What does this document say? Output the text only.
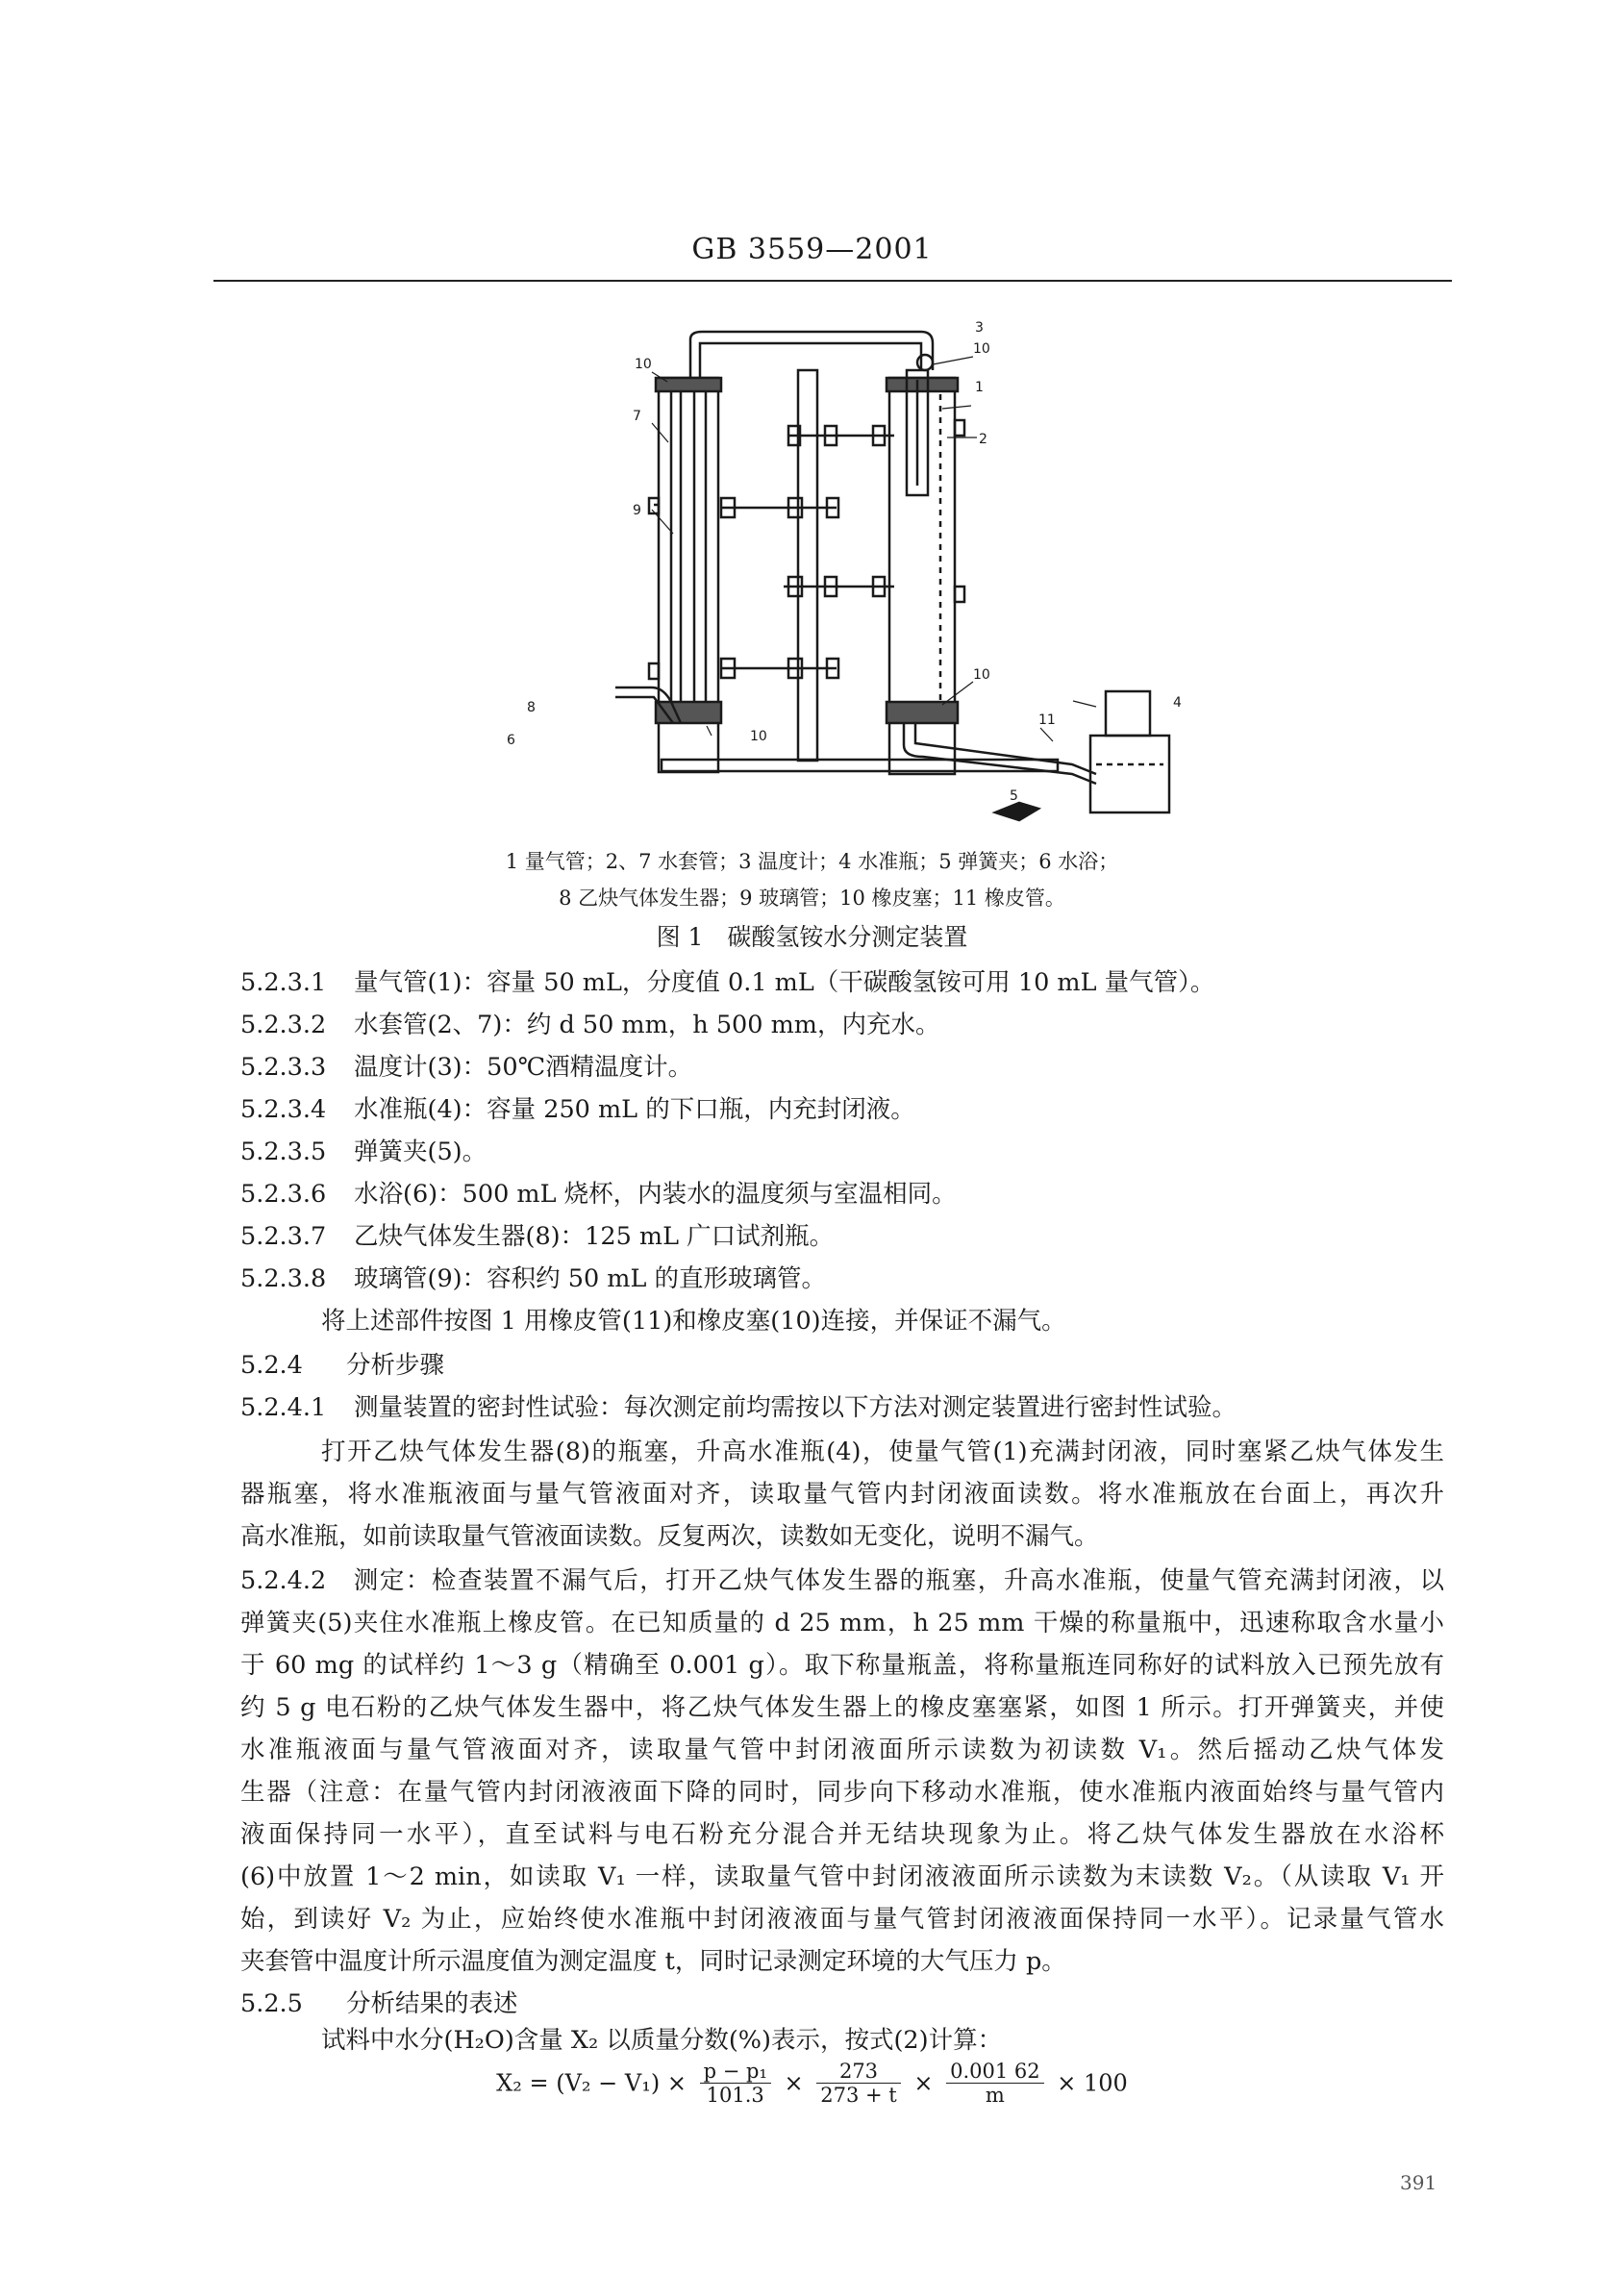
GB 3559—2001
10
7
9
3
10
1
2
10
11
4
5
10
8
6
1 量气管；2、7 水套管；3 温度计；4 水准瓶；5 弹簧夹；6 水浴；
8 乙炔气体发生器；9 玻璃管；10 橡皮塞；11 橡皮管。
图 1　碳酸氢铵水分测定装置
5.2.3.1 量气管(1)：容量 50 mL，分度值 0.1 mL（干碳酸氢铵可用 10 mL 量气管）。
5.2.3.2 水套管(2、7)：约 d 50 mm，h 500 mm，内充水。
5.2.3.3 温度计(3)：50℃酒精温度计。
5.2.3.4 水准瓶(4)：容量 250 mL 的下口瓶，内充封闭液。
5.2.3.5 弹簧夹(5)。
5.2.3.6 水浴(6)：500 mL 烧杯，内装水的温度须与室温相同。
5.2.3.7 乙炔气体发生器(8)：125 mL 广口试剂瓶。
5.2.3.8 玻璃管(9)：容积约 50 mL 的直形玻璃管。
将上述部件按图 1 用橡皮管(11)和橡皮塞(10)连接，并保证不漏气。
5.2.4 分析步骤
5.2.4.1 测量装置的密封性试验：每次测定前均需按以下方法对测定装置进行密封性试验。
打开乙炔气体发生器(8)的瓶塞，升高水准瓶(4)，使量气管(1)充满封闭液，同时塞紧乙炔气体发生
器瓶塞，将水准瓶液面与量气管液面对齐，读取量气管内封闭液面读数。将水准瓶放在台面上，再次升
高水准瓶，如前读取量气管液面读数。反复两次，读数如无变化，说明不漏气。
5.2.4.2　测定：检查装置不漏气后，打开乙炔气体发生器的瓶塞，升高水准瓶，使量气管充满封闭液，以
弹簧夹(5)夹住水准瓶上橡皮管。在已知质量的 d 25 mm，h 25 mm 干燥的称量瓶中，迅速称取含水量小
于 60 mg 的试样约 1～3 g（精确至 0.001 g）。取下称量瓶盖，将称量瓶连同称好的试料放入已预先放有
约 5 g 电石粉的乙炔气体发生器中，将乙炔气体发生器上的橡皮塞塞紧，如图 1 所示。打开弹簧夹，并使
水准瓶液面与量气管液面对齐，读取量气管中封闭液面所示读数为初读数 V₁。然后摇动乙炔气体发
生器（注意：在量气管内封闭液液面下降的同时，同步向下移动水准瓶，使水准瓶内液面始终与量气管内
液面保持同一水平），直至试料与电石粉充分混合并无结块现象为止。将乙炔气体发生器放在水浴杯
(6)中放置 1～2 min，如读取 V₁ 一样，读取量气管中封闭液液面所示读数为末读数 V₂。（从读取 V₁ 开
始，到读好 V₂ 为止，应始终使水准瓶中封闭液液面与量气管封闭液液面保持同一水平）。记录量气管水
夹套管中温度计所示温度值为测定温度 t，同时记录测定环境的大气压力 p。
5.2.5 分析结果的表述
试料中水分(H₂O)含量 X₂ 以质量分数(%)表示，按式(2)计算：
$X_2 = (V_2 - V_1) \times \frac{\text{p − p₁}}{101.3} \times \frac{273}{273 + t} \times \frac{0.001 62}{m} \times 100$
391
